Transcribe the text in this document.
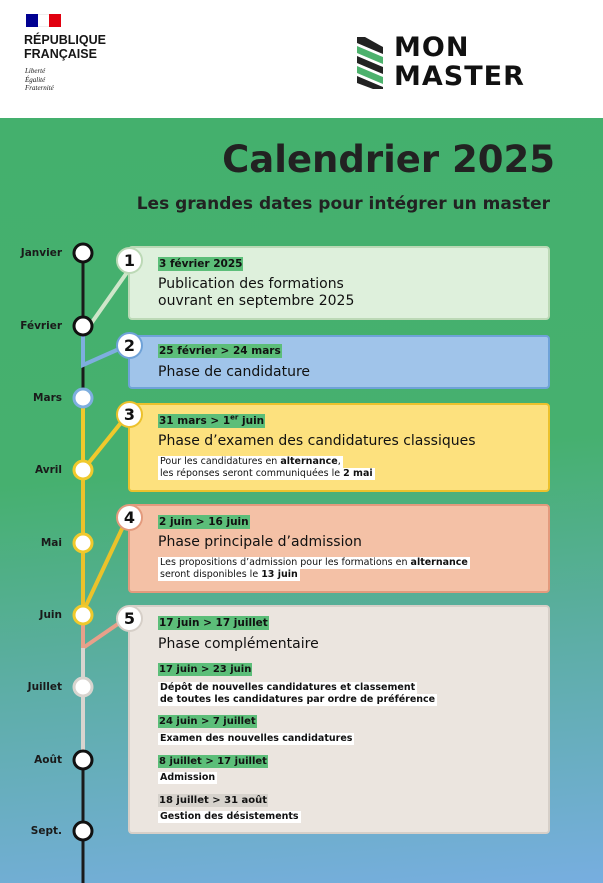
RÉPUBLIQUE
FRANÇAISE
Liberté
Égalité
Fraternité
MON
MASTER
Calendrier 2025
Les grandes dates pour intégrer un master
Janvier
Février
Mars
Avril
Mai
Juin
Juillet
Août
Sept.
1	3 février 2025
Publication des formations
ouvrant en septembre 2025
2	25 février > 24 mars
Phase de candidature
3	31 mars > 1er juin
Phase d’examen des candidatures classiques
Pour les candidatures en alternance,
les réponses seront communiquées le 2 mai
4	2 juin > 16 juin
Phase principale d’admission
Les propositions d’admission pour les formations en alternance
seront disponibles le 13 juin
5	17 juin > 17 juillet
Phase complémentaire
17 juin > 23 juin
Dépôt de nouvelles candidatures et classement
de toutes les candidatures par ordre de préférence
24 juin > 7 juillet
Examen des nouvelles candidatures
8 juillet > 17 juillet
Admission
18 juillet > 31 août
Gestion des désistements
